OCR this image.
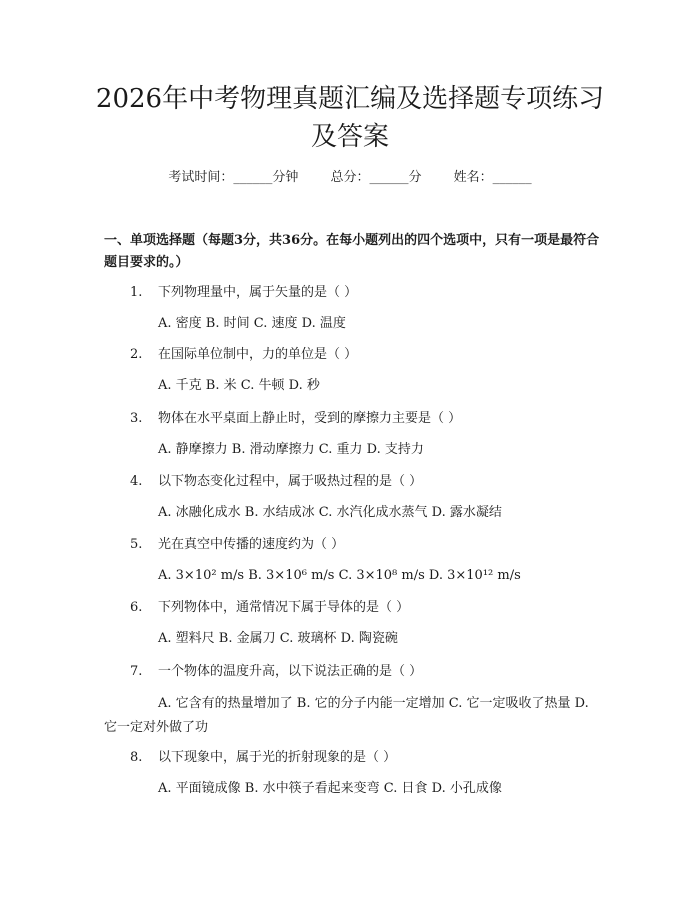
2026年中考物理真题汇编及选择题专项练习
及答案
考试时间：______分钟 总分：______分 姓名：______

一、单项选择题（每题3分，共36分。在每小题列出的四个选项中，只有一项是最符合题目要求的。）

1. 下列物理量中，属于矢量的是（ ）
A. 密度 B. 时间 C. 速度 D. 温度
2. 在国际单位制中，力的单位是（ ）
A. 千克 B. 米 C. 牛顿 D. 秒
3. 物体在水平桌面上静止时，受到的摩擦力主要是（ ）
A. 静摩擦力 B. 滑动摩擦力 C. 重力 D. 支持力
4. 以下物态变化过程中，属于吸热过程的是（ ）
A. 冰融化成水 B. 水结成冰 C. 水汽化成水蒸气 D. 露水凝结
5. 光在真空中传播的速度约为（ ）
A. 3×10² m/s B. 3×10⁶ m/s C. 3×10⁸ m/s D. 3×10¹² m/s
6. 下列物体中，通常情况下属于导体的是（ ）
A. 塑料尺 B. 金属刀 C. 玻璃杯 D. 陶瓷碗
7. 一个物体的温度升高，以下说法正确的是（ ）
A. 它含有的热量增加了 B. 它的分子内能一定增加 C. 它一定吸收了热量 D. 它一定对外做了功
8. 以下现象中，属于光的折射现象的是（ ）
A. 平面镜成像 B. 水中筷子看起来变弯 C. 日食 D. 小孔成像
